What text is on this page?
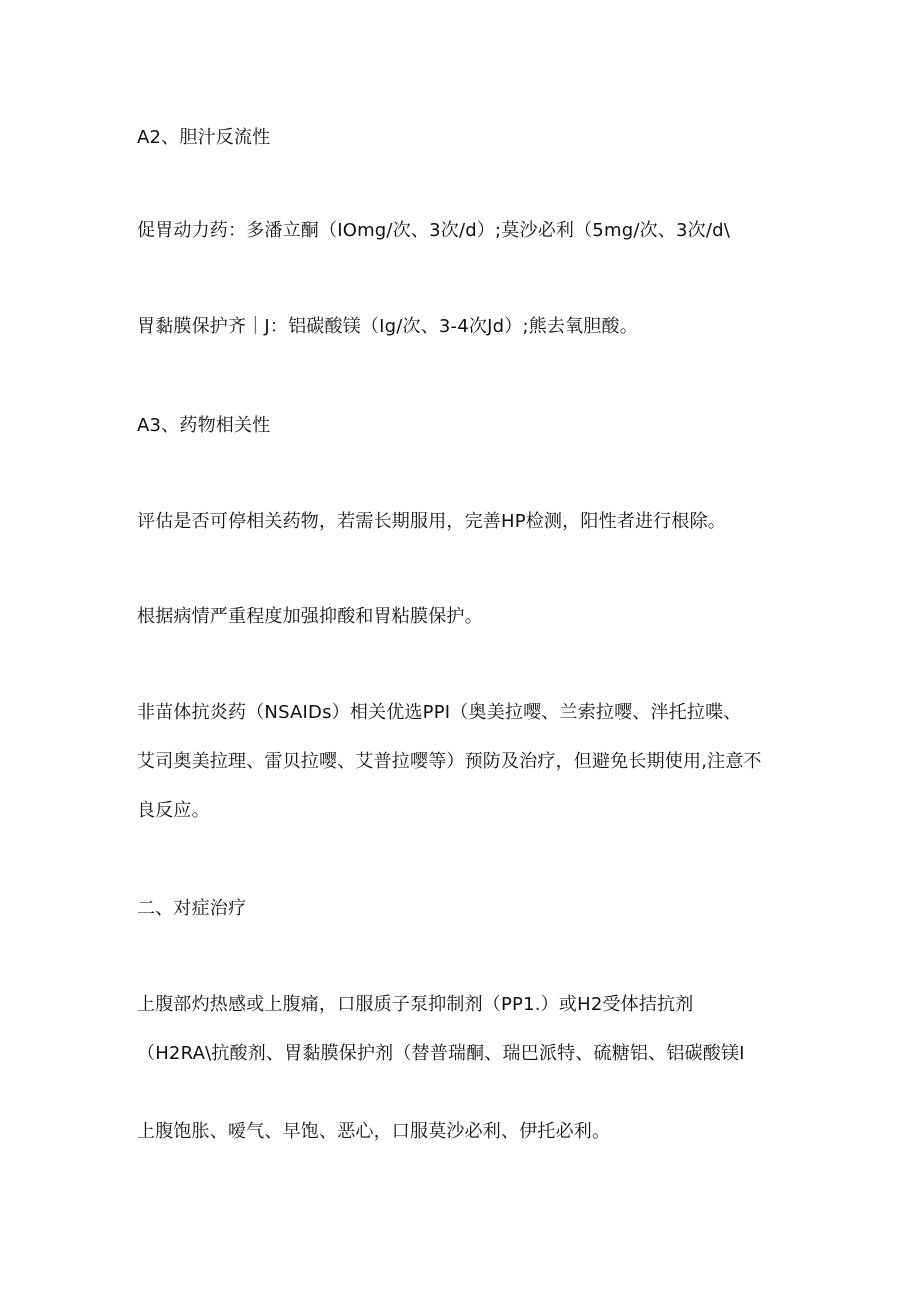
A2、胆汁反流性
促胃动力药：多潘立酮（IOmg/次、3次/d）;莫沙必利（5mg/次、3次/d\
胃黏膜保护齐｜J：铝碳酸镁（Ig/次、3-4次Jd）;熊去氧胆酸。
A3、药物相关性
评估是否可停相关药物，若需长期服用，完善HP检测，阳性者进行根除。
根据病情严重程度加强抑酸和胃粘膜保护。
非苗体抗炎药（NSAIDs）相关优选PPI（奥美拉嘤、兰索拉嘤、泮托拉喋、
艾司奥美拉理、雷贝拉嘤、艾普拉嘤等）预防及治疗，但避免长期使用,注意不
良反应。
二、对症治疗
上腹部灼热感或上腹痛，口服质子泵抑制剂（PP1.）或H2受体拮抗剂
（H2RA\抗酸剂、胃黏膜保护剂（替普瑞酮、瑞巴派特、硫糖铝、铝碳酸镁I
上腹饱胀、嗳气、早饱、恶心，口服莫沙必利、伊托必利。
